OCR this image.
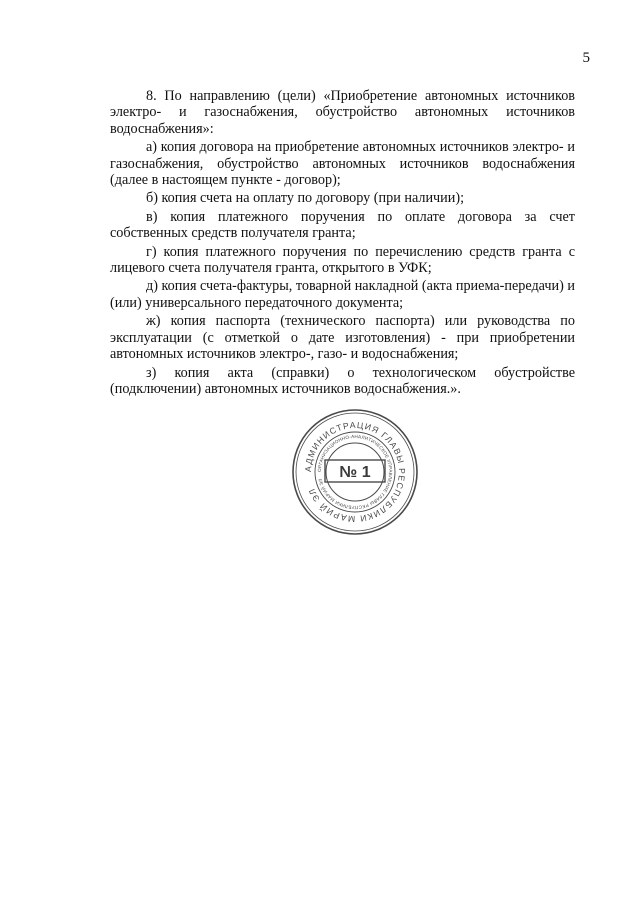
5

8. По направлению (цели) «Приобретение автономных источников электро- и газоснабжения, обустройство автономных источников водоснабжения»:

а) копия договора на приобретение автономных источников электро- и газоснабжения, обустройство автономных источников водоснабжения (далее в настоящем пункте - договор);

б) копия счета на оплату по договору (при наличии);

в) копия платежного поручения по оплате договора за счет собственных средств получателя гранта;

г) копия платежного поручения по перечислению средств гранта с лицевого счета получателя гранта, открытого в УФК;

д) копия счета-фактуры, товарной накладной (акта приема-передачи) и (или) универсального передаточного документа;

ж) копия паспорта (технического паспорта) или руководства по эксплуатации (с отметкой о дате изготовления) - при приобретении автономных источников электро-, газо- и водоснабжения;

з) копия акта (справки) о технологическом обустройстве (подключении) автономных источников водоснабжения.».

АДМИНИСТРАЦИЯ ГЛАВЫ РЕСПУБЛИКИ МАРИЙ ЭЛ
ОРГАНИЗАЦИОННО-АНАЛИТИЧЕСКОЕ УПРАВЛЕНИЕ ГЛАВЫ РЕСПУБЛИКИ МАРИЙ ЭЛ	№ 1
